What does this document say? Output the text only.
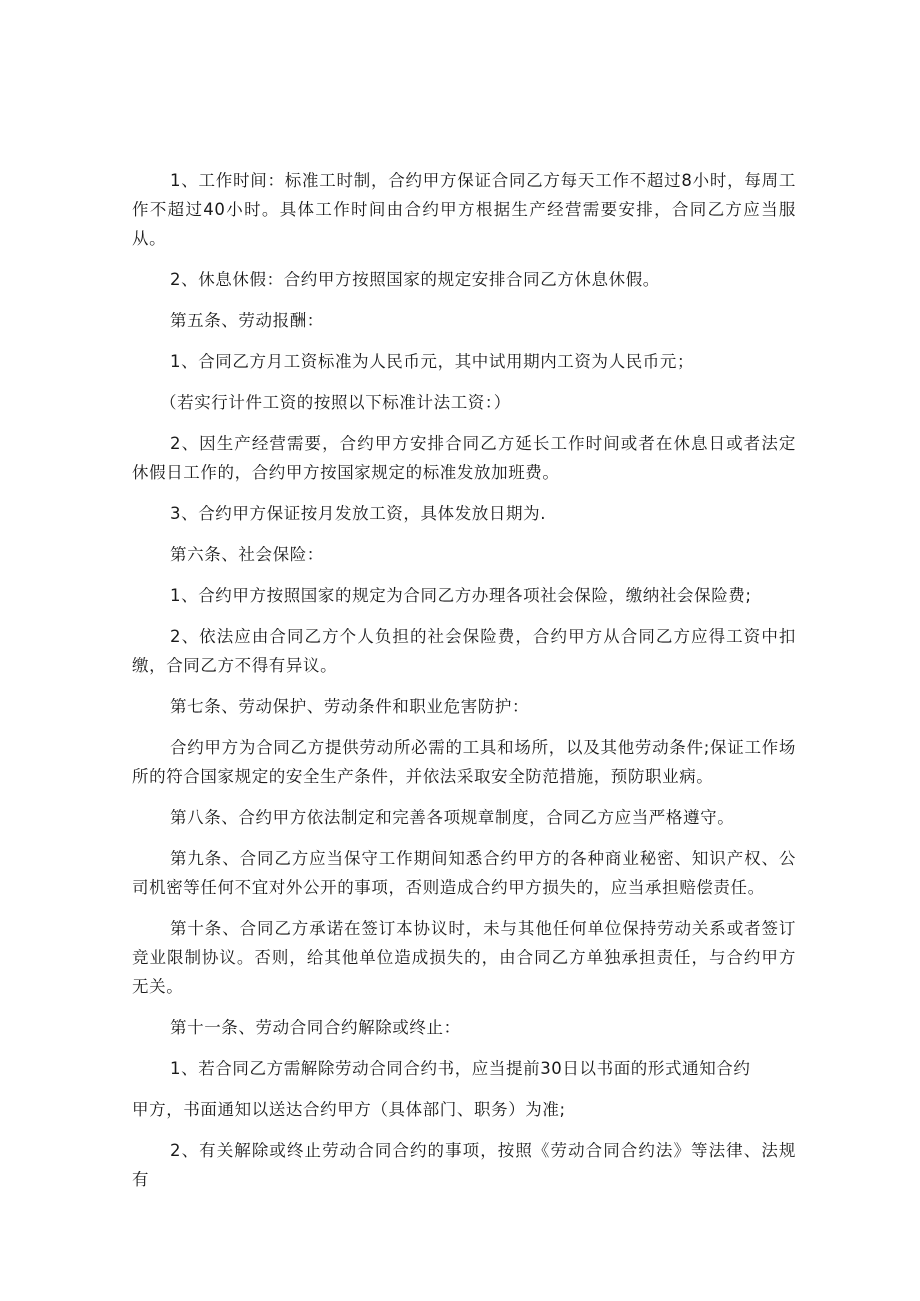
1、工作时间：标准工时制，合约甲方保证合同乙方每天工作不超过8小时，每周工作不超过40小时。具体工作时间由合约甲方根据生产经营需要安排，合同乙方应当服从。

2、休息休假：合约甲方按照国家的规定安排合同乙方休息休假。

第五条、劳动报酬：

1、合同乙方月工资标准为人民币元，其中试用期内工资为人民币元；

（若实行计件工资的按照以下标准计法工资：）

2、因生产经营需要，合约甲方安排合同乙方延长工作时间或者在休息日或者法定休假日工作的，合约甲方按国家规定的标准发放加班费。

3、合约甲方保证按月发放工资，具体发放日期为.

第六条、社会保险：

1、合约甲方按照国家的规定为合同乙方办理各项社会保险，缴纳社会保险费;

2、依法应由合同乙方个人负担的社会保险费，合约甲方从合同乙方应得工资中扣缴，合同乙方不得有异议。

第七条、劳动保护、劳动条件和职业危害防护：

合约甲方为合同乙方提供劳动所必需的工具和场所，以及其他劳动条件;保证工作场所的符合国家规定的安全生产条件，并依法采取安全防范措施，预防职业病。

第八条、合约甲方依法制定和完善各项规章制度，合同乙方应当严格遵守。

第九条、合同乙方应当保守工作期间知悉合约甲方的各种商业秘密、知识产权、公司机密等任何不宜对外公开的事项，否则造成合约甲方损失的，应当承担赔偿责任。

第十条、合同乙方承诺在签订本协议时，未与其他任何单位保持劳动关系或者签订竞业限制协议。否则，给其他单位造成损失的，由合同乙方单独承担责任，与合约甲方无关。

第十一条、劳动合同合约解除或终止：

1、若合同乙方需解除劳动合同合约书，应当提前30日以书面的形式通知合约

甲方，书面通知以送达合约甲方（具体部门、职务）为准;

2、有关解除或终止劳动合同合约的事项，按照《劳动合同合约法》等法律、法规有
